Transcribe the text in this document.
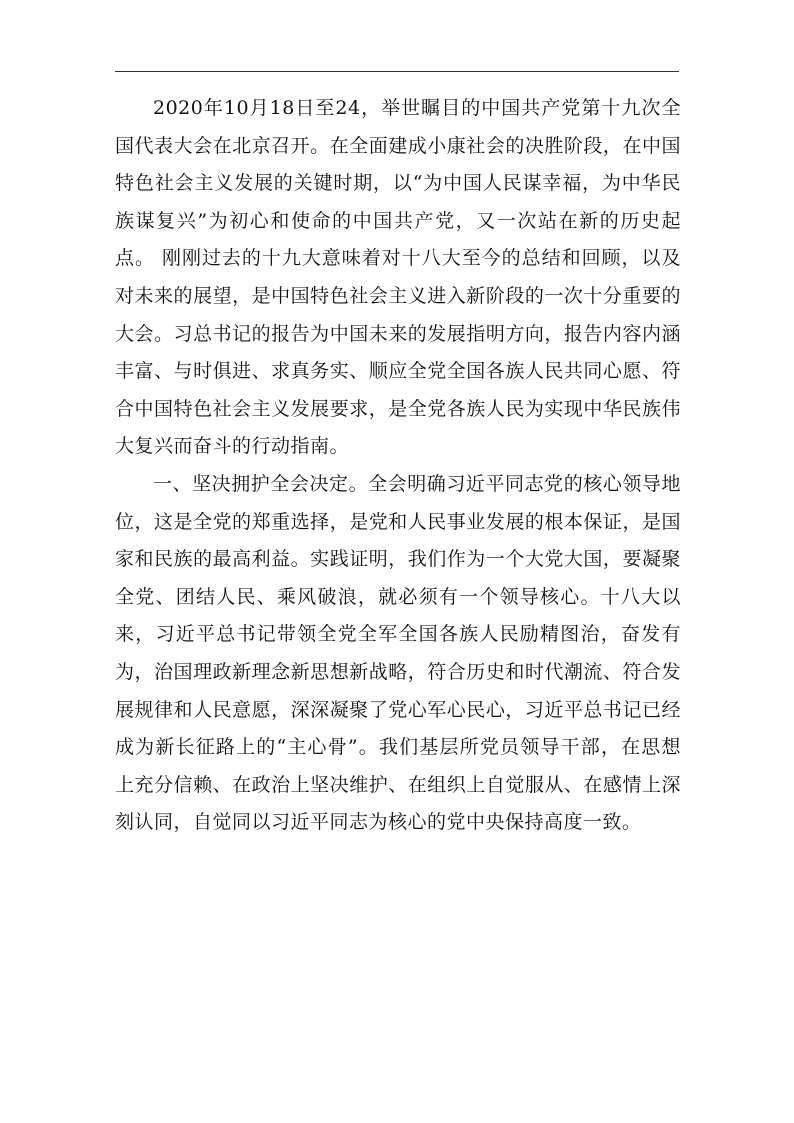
2020年10月18日至24，举世瞩目的中国共产党第十九次全国代表大会在北京召开。在全面建成小康社会的决胜阶段，在中国特色社会主义发展的关键时期，以“为中国人民谋幸福，为中华民族谋复兴”为初心和使命的中国共产党，又一次站在新的历史起点。 刚刚过去的十九大意味着对十八大至今的总结和回顾，以及对未来的展望，是中国特色社会主义进入新阶段的一次十分重要的大会。习总书记的报告为中国未来的发展指明方向，报告内容内涵丰富、与时俱进、求真务实、顺应全党全国各族人民共同心愿、符合中国特色社会主义发展要求，是全党各族人民为实现中华民族伟大复兴而奋斗的行动指南。

一、坚决拥护全会决定。全会明确习近平同志党的核心领导地位，这是全党的郑重选择，是党和人民事业发展的根本保证，是国家和民族的最高利益。实践证明，我们作为一个大党大国，要凝聚全党、团结人民、乘风破浪，就必须有一个领导核心。十八大以来，习近平总书记带领全党全军全国各族人民励精图治，奋发有为，治国理政新理念新思想新战略，符合历史和时代潮流、符合发展规律和人民意愿，深深凝聚了党心军心民心，习近平总书记已经成为新长征路上的“主心骨”。我们基层所党员领导干部，在思想上充分信赖、在政治上坚决维护、在组织上自觉服从、在感情上深刻认同，自觉同以习近平同志为核心的党中央保持高度一致。
